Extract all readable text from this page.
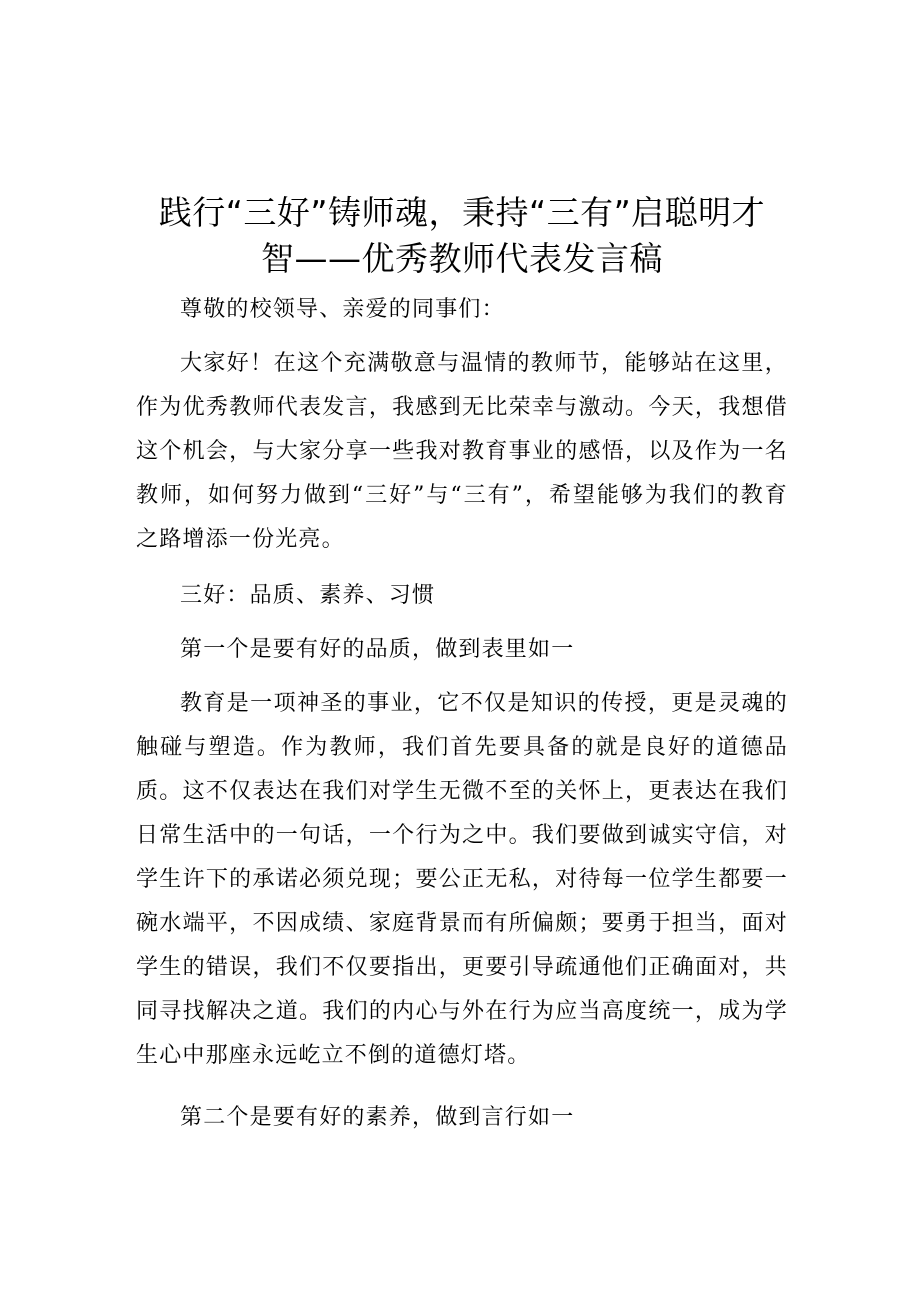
践行“三好”铸师魂，秉持“三有”启聪明才
智——优秀教师代表发言稿

尊敬的校领导、亲爱的同事们：

大家好！在这个充满敬意与温情的教师节，能够站在这里，作为优秀教师代表发言，我感到无比荣幸与激动。今天，我想借这个机会，与大家分享一些我对教育事业的感悟，以及作为一名教师，如何努力做到“三好”与“三有”，希望能够为我们的教育之路增添一份光亮。

三好：品质、素养、习惯

第一个是要有好的品质，做到表里如一

教育是一项神圣的事业，它不仅是知识的传授，更是灵魂的触碰与塑造。作为教师，我们首先要具备的就是良好的道德品质。这不仅表达在我们对学生无微不至的关怀上，更表达在我们日常生活中的一句话，一个行为之中。我们要做到诚实守信，对学生许下的承诺必须兑现；要公正无私，对待每一位学生都要一碗水端平，不因成绩、家庭背景而有所偏颇；要勇于担当，面对学生的错误，我们不仅要指出，更要引导疏通他们正确面对，共同寻找解决之道。我们的内心与外在行为应当高度统一，成为学生心中那座永远屹立不倒的道德灯塔。

第二个是要有好的素养，做到言行如一
